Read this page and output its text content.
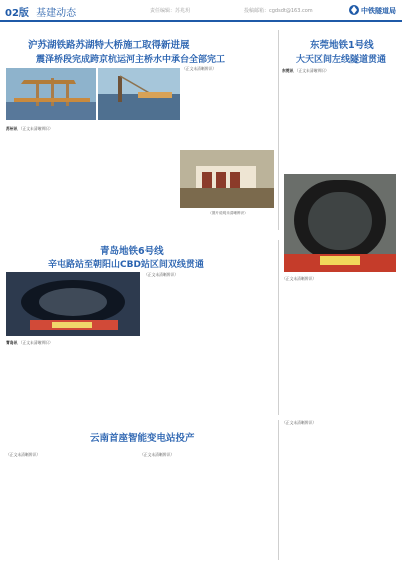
02版 基建动态	责任编辑：苏兆玥	投稿邮箱：cgdsdt@163.com	中铁隧道局
沪苏湖铁路苏湖特大桥施工取得新进展
震泽桥段完成跨京杭运河主桥水中承台全部完工
苏州讯 （正文未清晰辨识）
（正文未清晰辨识）
（图片说明未清晰辨识）
东莞地铁1号线
大天区间左线隧道贯通
东莞讯 （正文未清晰辨识）
（正文未清晰辨识）
青岛地铁6号线
辛屯路站至朝阳山CBD站区间双线贯通
青岛讯 （正文未清晰辨识）
（正文未清晰辨识）
云南首座智能变电站投产
（正文未清晰辨识）	（正文未清晰辨识）
（正文未清晰辨识）
